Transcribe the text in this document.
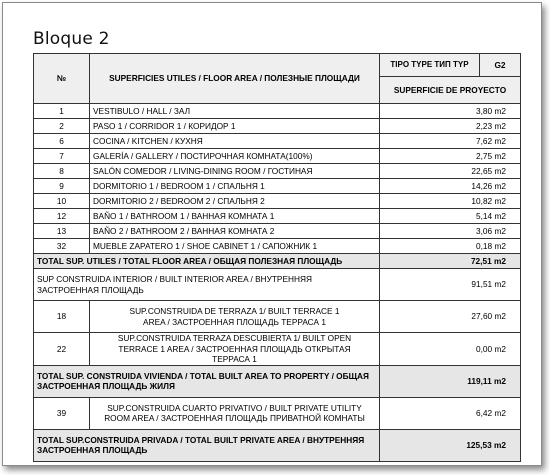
Bloque 2
№	SUPERFICIES UTILES / FLOOR AREA / ПОЛЕЗНЫЕ ПЛОЩАДИ	TIPO TYPE ТИП TYP	G2
		SUPERFICIE DE PROYECTO	
1	VESTIBULO / HALL / ЗАЛ	3,80 m2	
2	PASO 1 / CORRIDOR 1 / КОРИДОР 1	2,23 m2	
6	COCINA / KITCHEN / КУХНЯ	7,62 m2	
7	GALERÍA / GALLERY / ПОСТИРОЧНАЯ КОМНАТА(100%)	2,75 m2	
8	SALÓN COMEDOR / LIVING-DINING ROOM / ГОСТИНАЯ	22,65 m2	
9	DORMITORIO 1 / BEDROOM 1 / СПАЛЬНЯ 1	14,26 m2	
10	DORMITORIO 2 / BEDROOM 2 / СПАЛЬНЯ 2	10,82 m2	
12	BAÑO 1 / BATHROOM 1 / ВАННАЯ КОМНАТА 1	5,14 m2	
13	BAÑO 2 / BATHROOM 2 / ВАННАЯ КОМНАТА 2	3,06 m2	
32	MUEBLE ZAPATERO 1 / SHOE CABINET 1 / САПОЖНИК 1	0,18 m2	
TOTAL SUP. UTILES / TOTAL FLOOR AREA / ОБЩАЯ ПОЛЕЗНАЯ ПЛОЩАДЬ		72,51 m2	
SUP CONSTRUIDA INTERIOR / BUILT INTERIOR AREA / ВНУТРЕННЯЯ ЗАСТРОЕННАЯ ПЛОЩАДЬ		91,51 m2	
18	SUP.CONSTRUIDA DE TERRAZA 1/ BUILT TERRACE 1 AREA / ЗАСТРОЕННАЯ ПЛОЩАДЬ ТЕРРАСА 1	27,60 m2	
22	SUP.CONSTRUIDA TERRAZA DESCUBIERTA 1/ BUILT OPEN TERRACE 1 AREA / ЗАСТРОЕННАЯ ПЛОЩАДЬ ОТКРЫТАЯ ТЕРРАСА 1	0,00 m2	
TOTAL SUP. CONSTRUIDA VIVIENDA / TOTAL BUILT AREA TO PROPERTY / ОБЩАЯ ЗАСТРОЕННАЯ ПЛОЩАДЬ ЖИЛЯ		119,11 m2	
39	SUP.CONSTRUIDA CUARTO PRIVATIVO / BUILT PRIVATE UTILITY ROOM AREA / ЗАСТРОЕННАЯ ПЛОЩАДЬ ПРИВАТНОЙ КОМНАТЫ	6,42 m2	
TOTAL SUP.CONSTRUIDA PRIVADA / TOTAL BUILT PRIVATE AREA / ВНУТРЕННЯЯ ЗАСТРОЕННАЯ ПЛОЩАДЬ		125,53 m2	
